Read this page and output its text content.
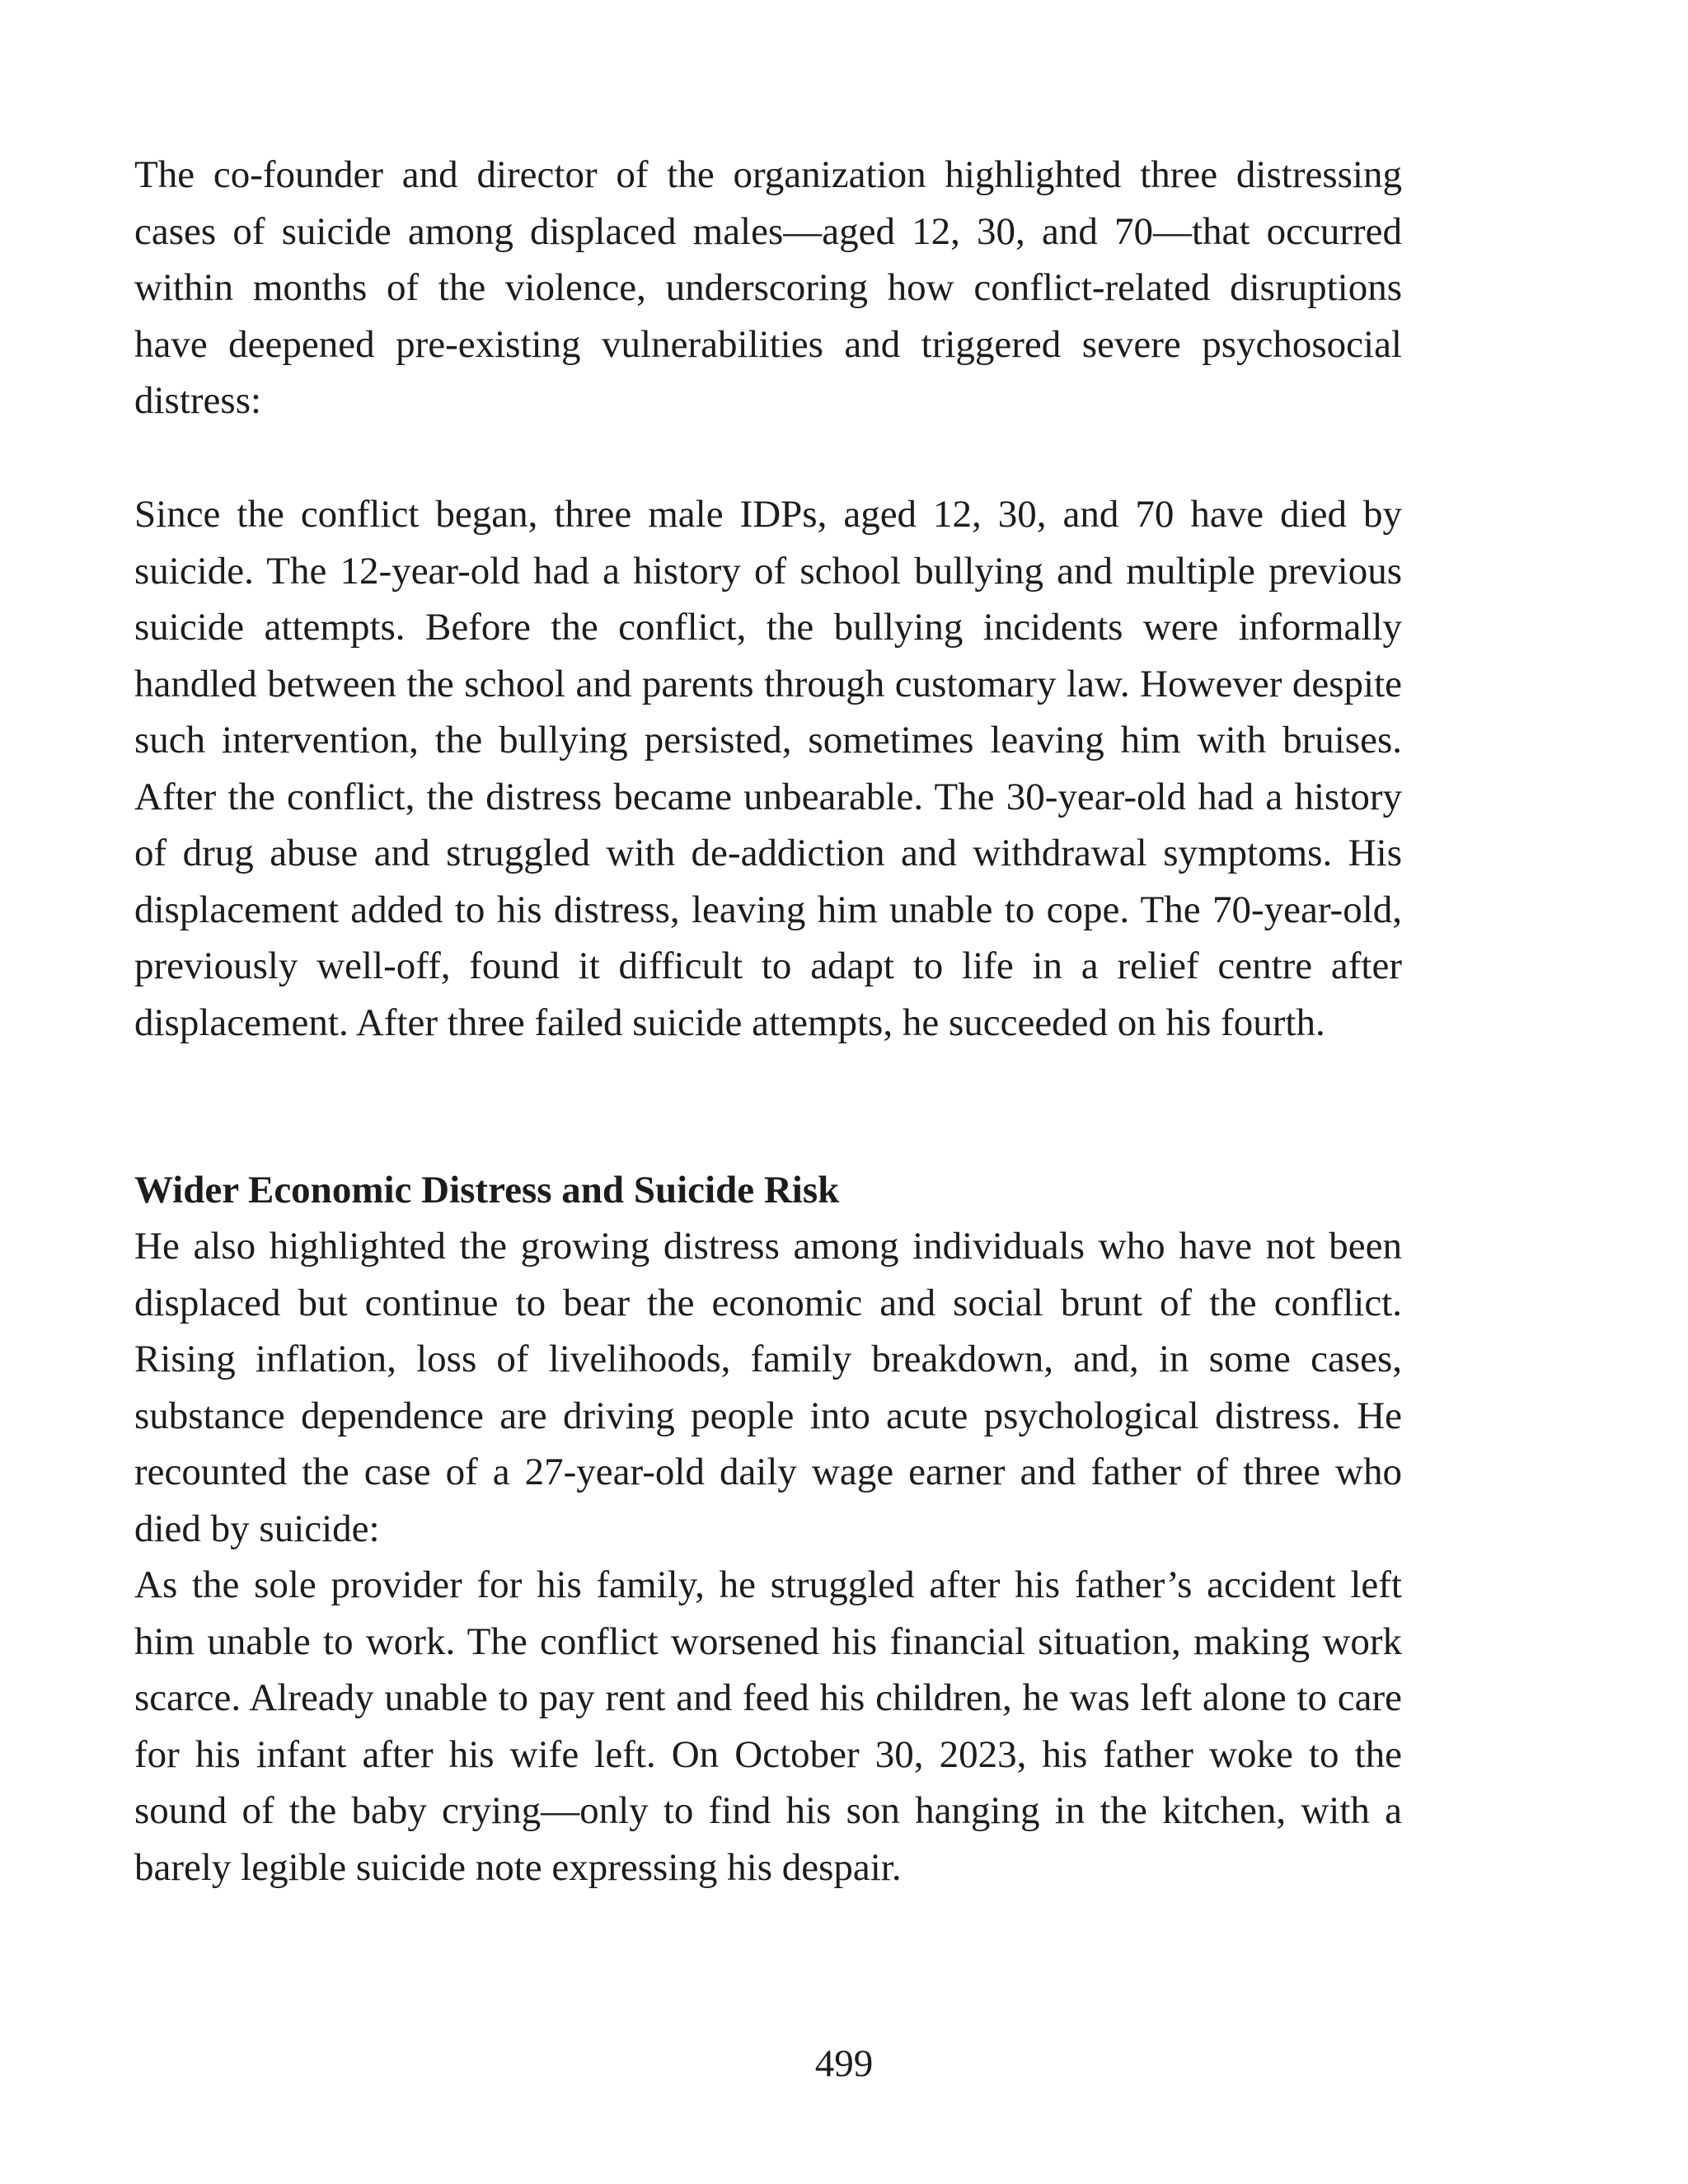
The co-founder and director of the organization highlighted three distressing cases of suicide among displaced males—aged 12, 30, and 70—that occurred within months of the violence, underscoring how conflict-related disruptions have deepened pre-existing vulnerabilities and triggered severe psychosocial distress:

Since the conflict began, three male IDPs, aged 12, 30, and 70 have died by suicide. The 12-year-old had a history of school bullying and multiple previous suicide attempts. Before the conflict, the bullying incidents were informally handled between the school and parents through customary law. However despite such intervention, the bullying persisted, sometimes leaving him with bruises. After the conflict, the distress became unbearable. The 30-year-old had a history of drug abuse and struggled with de-addiction and withdrawal symptoms. His displacement added to his distress, leaving him unable to cope. The 70-year-old, previously well-off, found it difficult to adapt to life in a relief centre after displacement. After three failed suicide attempts, he succeeded on his fourth.

Wider Economic Distress and Suicide Risk

He also highlighted the growing distress among individuals who have not been displaced but continue to bear the economic and social brunt of the conflict. Rising inflation, loss of livelihoods, family breakdown, and, in some cases, substance dependence are driving people into acute psychological distress. He recounted the case of a 27-year-old daily wage earner and father of three who died by suicide:

As the sole provider for his family, he struggled after his father’s accident left him unable to work. The conflict worsened his financial situation, making work scarce. Already unable to pay rent and feed his children, he was left alone to care for his infant after his wife left. On October 30, 2023, his father woke to the sound of the baby crying—only to find his son hanging in the kitchen, with a barely legible suicide note expressing his despair.

499
